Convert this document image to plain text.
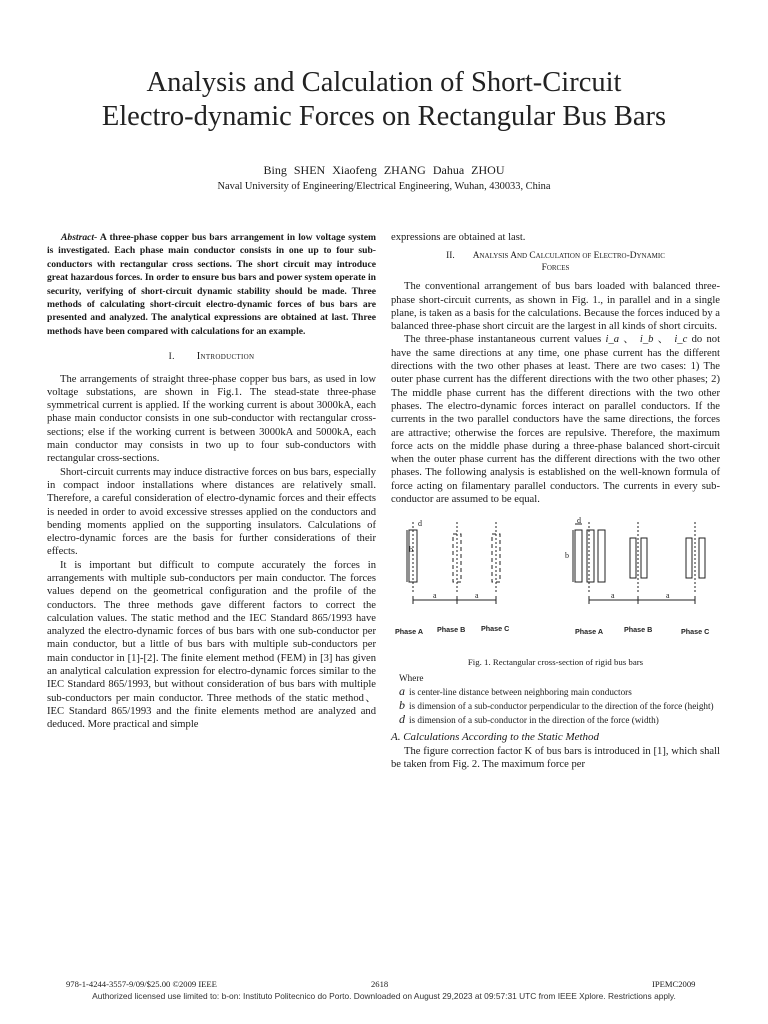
Analysis and Calculation of Short-Circuit
Electro-dynamic Forces on Rectangular Bus Bars
Bing SHEN Xiaofeng ZHANG Dahua ZHOU
Naval University of Engineering/Electrical Engineering, Wuhan, 430033, China

Abstract- A three-phase copper bus bars arrangement in low voltage system is investigated. Each phase main conductor consists in one up to four sub-conductors with rectangular cross sections. The short circuit may introduce great hazardous forces. In order to ensure bus bars and power system operate in security, verifying of short-circuit dynamic stability should be made. Three methods of calculating short-circuit electro-dynamic forces of bus bars are presented and analyzed. The analytical expressions are obtained at last. Three methods have been compared with calculations for an example.

I. Introduction

The arrangements of straight three-phase copper bus bars, as used in low voltage substations, are shown in Fig.1. The stead-state three-phase symmetrical current is applied. If the working current is about 3000kA, each phase main conductor consists in one sub-conductor with rectangular cross-sections; else if the working current is between 3000kA and 5000kA, each main conductor may consists in two up to four sub-conductors with rectangular cross-sections.

Short-circuit currents may induce distractive forces on bus bars, especially in compact indoor installations where distances are relatively small. Therefore, a careful consideration of electro-dynamic forces and their effects is needed in order to avoid excessive stresses applied on the conductors and bending moments applied on the supporting insulators. Calculations of electro-dynamic forces are the basis for further considerations of their effects.

It is important but difficult to compute accurately the forces in arrangements with multiple sub-conductors per main conductor. The forces values depend on the geometrical configuration and the profile of the conductors. The three methods gave different factors to correct the calculation values. The static method and the IEC Standard 865/1993 have analyzed the electro-dynamic forces of bus bars with one sub-conductor per main conductor, but a little of bus bars with multiple sub-conductors per main conductor in [1]-[2]. The finite element method (FEM) in [3] has given an analytical calculation expression for electro-dynamic forces similar to the IEC Standard 865/1993, but without consideration of bus bars with multiple sub-conductors per main conductor. Three methods of the static method、IEC Standard 865/1993 and the finite elements method are analyzed and deduced. More practical and simple

expressions are obtained at last.

II. Analysis And Calculation of Electro-Dynamic
Forces

The conventional arrangement of bus bars loaded with balanced three-phase short-circuit currents, as shown in Fig. 1., in parallel and in a single plane, is taken as a basis for the calculations. Because the forces induced by a balanced three-phase short circuit are the largest in all kinds of short circuits.

The three-phase instantaneous current values i_a 、 i_b 、 i_c do not have the same directions at any time, one phase current has the different directions with the two other phases at least. There are two cases: 1) The outer phase current has the different directions with the two other phases; 2) The middle phase current has the different directions with the two other phases. The electro-dynamic forces interact on parallel conductors. If the currents in the two parallel conductors have the same directions, the forces are attractive; otherwise the forces are repulsive. Therefore, the maximum force acts on the middle phase during a three-phase balanced short-circuit when the outer phase current has the different directions with the two other phases. The following analysis is established on the well-known formula of force acting on filamentary parallel conductors. The currents in every sub-conductor are assumed to be equal.

b
d
a	a
b
d
a	a
Phase A Phase B Phase C	Phase A	Phase B	Phase C
Fig. 1. Rectangular cross-section of rigid bus bars
Where
a is center-line distance between neighboring main conductors
b is dimension of a sub-conductor perpendicular to the direction of the force (height)
d is dimension of a sub-conductor in the direction of the force (width)
A. Calculations According to the Static Method

The figure correction factor K of bus bars is introduced in [1], which shall be taken from Fig. 2. The maximum force per

978-1-4244-3557-9/09/$25.00 ©2009 IEEE	2618	IPEMC2009
Authorized licensed use limited to: b-on: Instituto Politecnico do Porto. Downloaded on August 29,2023 at 09:57:31 UTC from IEEE Xplore. Restrictions apply.
